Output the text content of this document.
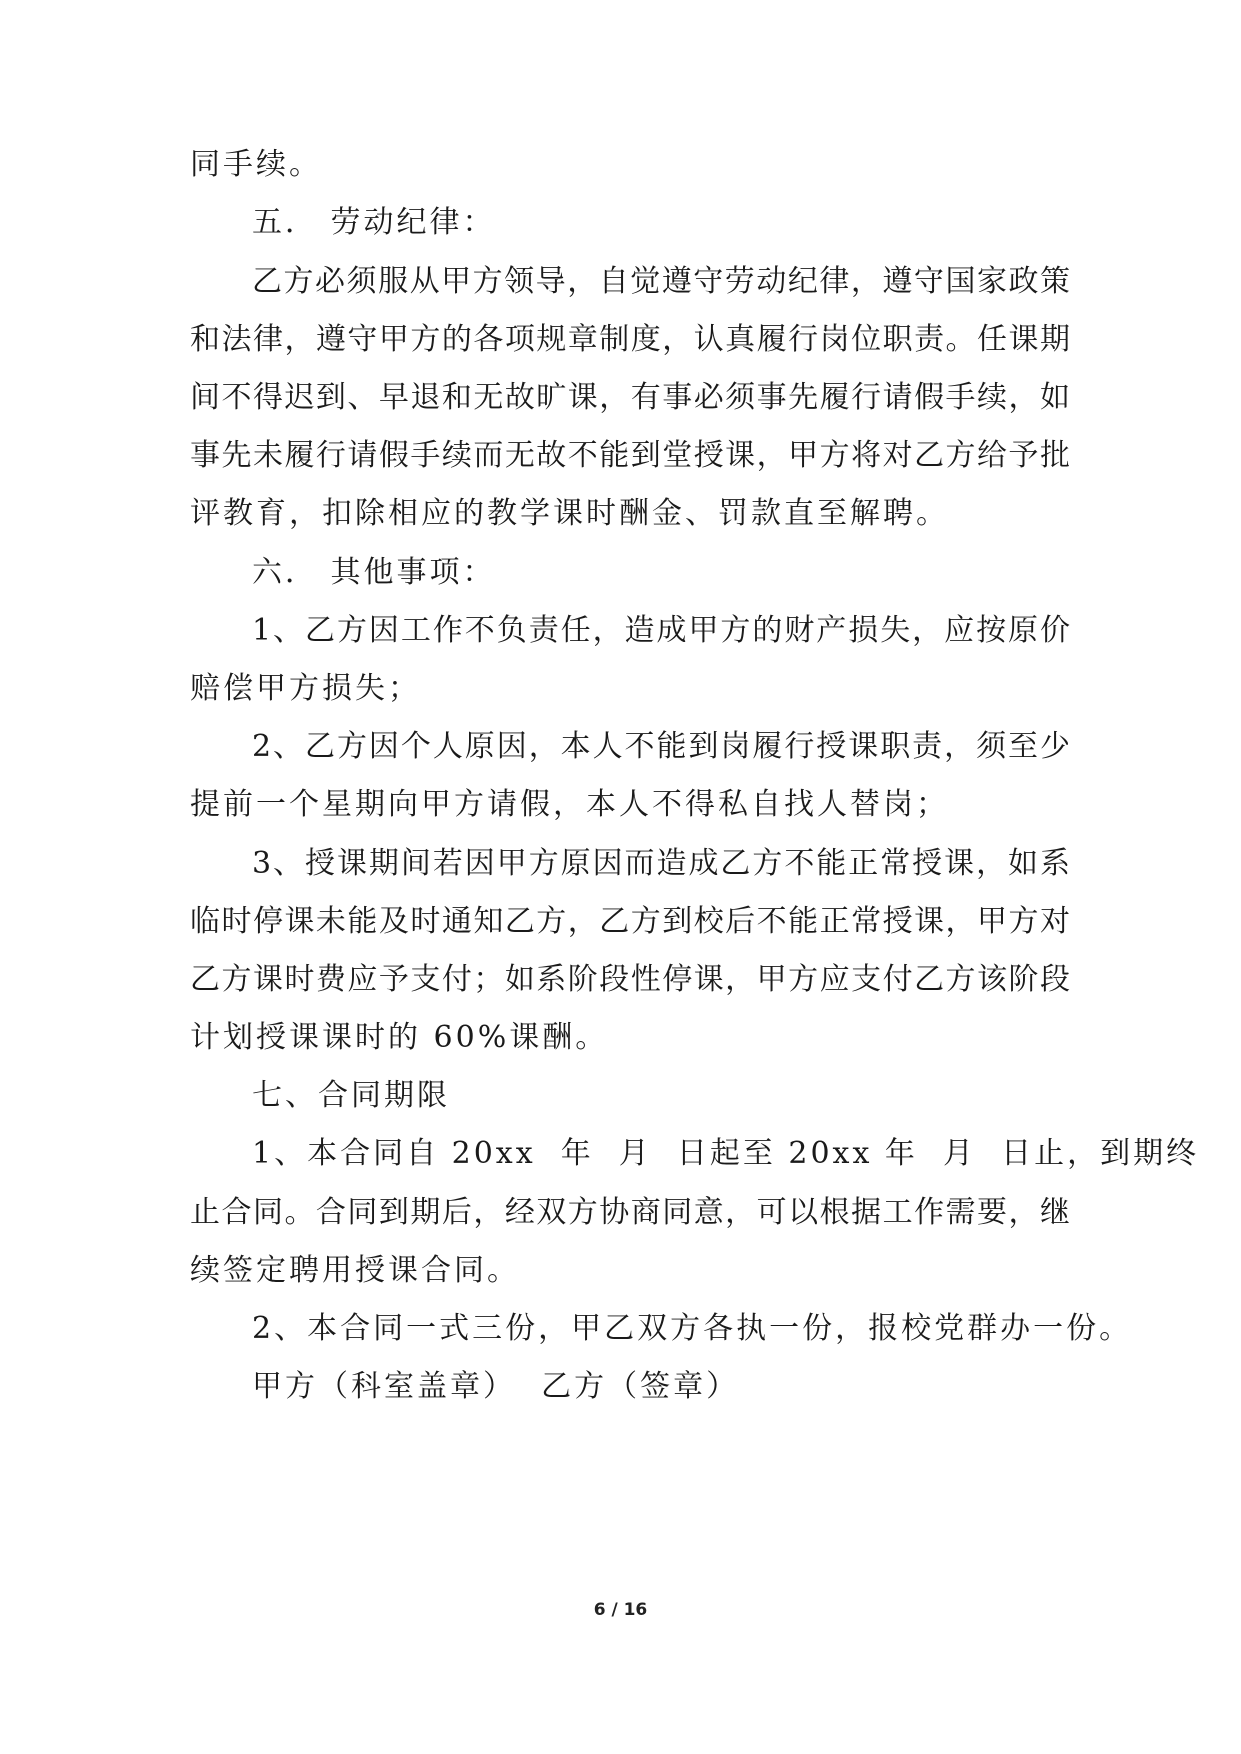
同手续。
五． 劳动纪律：
乙方必须服从甲方领导，自觉遵守劳动纪律，遵守国家政策
和法律，遵守甲方的各项规章制度，认真履行岗位职责。任课期
间不得迟到、早退和无故旷课，有事必须事先履行请假手续，如
事先未履行请假手续而无故不能到堂授课，甲方将对乙方给予批
评教育，扣除相应的教学课时酬金、罚款直至解聘。
六． 其他事项：
1、乙方因工作不负责任，造成甲方的财产损失，应按原价
赔偿甲方损失；
2、乙方因个人原因，本人不能到岗履行授课职责，须至少
提前一个星期向甲方请假，本人不得私自找人替岗；
3、授课期间若因甲方原因而造成乙方不能正常授课，如系
临时停课未能及时通知乙方，乙方到校后不能正常授课，甲方对
乙方课时费应予支付；如系阶段性停课，甲方应支付乙方该阶段
计划授课课时的 60%课酬。
七、合同期限
1、本合同自 20xx  年  月  日起至 20xx 年  月  日止，到期终
止合同。合同到期后，经双方协商同意，可以根据工作需要，继
续签定聘用授课合同。
2、本合同一式三份，甲乙双方各执一份，报校党群办一份。
甲方（科室盖章）  乙方（签章）
6 / 16
